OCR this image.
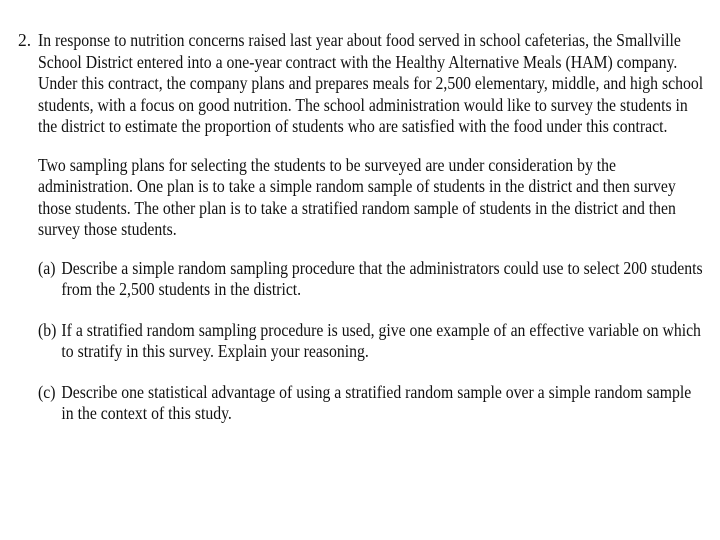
2. In response to nutrition concerns raised last year about food served in school cafeterias, the Smallville School District entered into a one-year contract with the Healthy Alternative Meals (HAM) company. Under this contract, the company plans and prepares meals for 2,500 elementary, middle, and high school students, with a focus on good nutrition. The school administration would like to survey the students in the district to estimate the proportion of students who are satisfied with the food under this contract.

Two sampling plans for selecting the students to be surveyed are under consideration by the administration. One plan is to take a simple random sample of students in the district and then survey those students. The other plan is to take a stratified random sample of students in the district and then survey those students.

(a) Describe a simple random sampling procedure that the administrators could use to select 200 students from the 2,500 students in the district.
(b) If a stratified random sampling procedure is used, give one example of an effective variable on which to stratify in this survey. Explain your reasoning.
(c) Describe one statistical advantage of using a stratified random sample over a simple random sample in the context of this study.
